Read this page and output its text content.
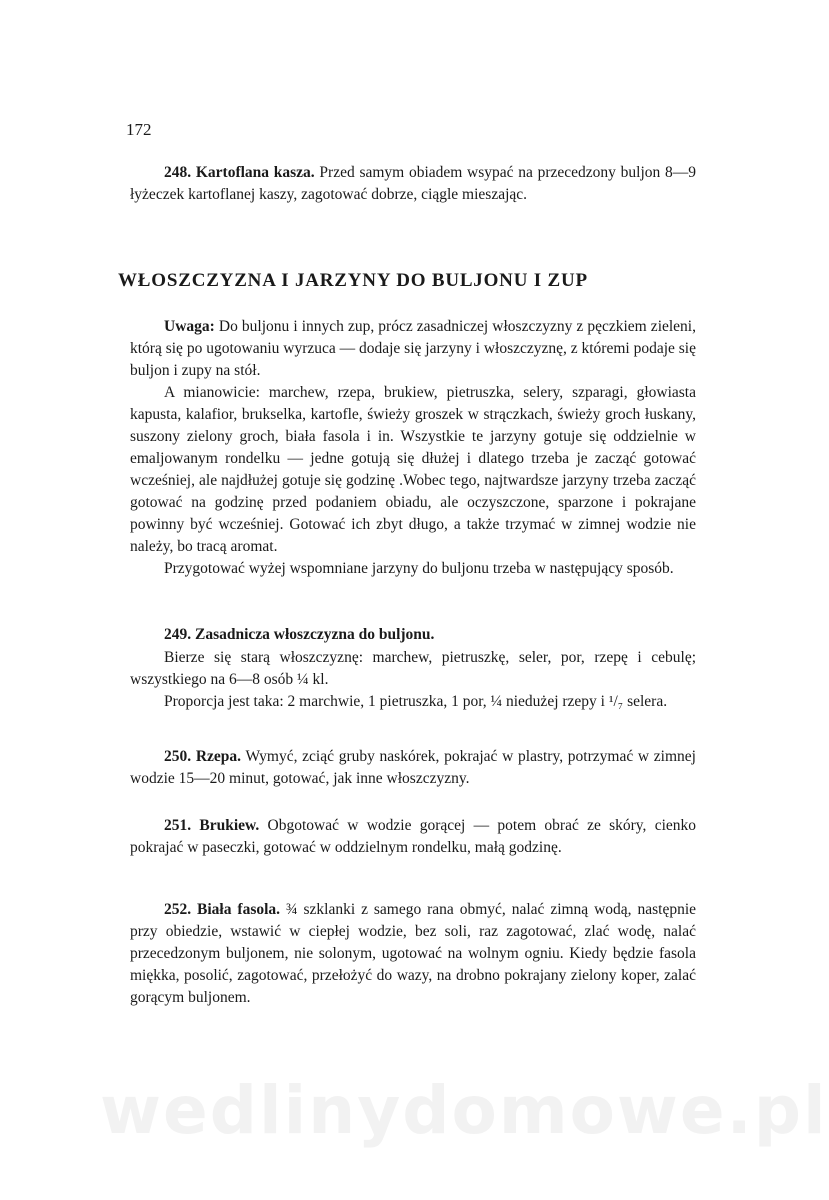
172

248. Kartoflana kasza. Przed samym obiadem wsypać na przecedzony buljon 8—9 łyżeczek kartoflanej kaszy, zagotować dobrze, ciągle mieszając.

WŁOSZCZYZNA I JARZYNY DO BULJONU I ZUP

Uwaga: Do buljonu i innych zup, prócz zasadniczej włoszczyzny z pęczkiem zieleni, którą się po ugotowaniu wyrzuca — dodaje się jarzyny i włoszczyznę, z któremi podaje się buljon i zupy na stół.

A mianowicie: marchew, rzepa, brukiew, pietruszka, selery, szparagi, głowiasta kapusta, kalafior, brukselka, kartofle, świeży groszek w strączkach, świeży groch łuskany, suszony zielony groch, biała fasola i in. Wszystkie te jarzyny gotuje się oddzielnie w emaljowanym rondelku — jedne gotują się dłużej i dlatego trzeba je zacząć gotować wcześniej, ale najdłużej gotuje się godzinę .Wobec tego, najtwardsze jarzyny trzeba zacząć gotować na godzinę przed podaniem obiadu, ale oczyszczone, sparzone i pokrajane powinny być wcześniej. Gotować ich zbyt długo, a także trzymać w zimnej wodzie nie należy, bo tracą aromat.

Przygotować wyżej wspomniane jarzyny do buljonu trzeba w następujący sposób.

249. Zasadnicza włoszczyzna do buljonu.

Bierze się starą włoszczyznę: marchew, pietruszkę, seler, por, rzepę i cebulę; wszystkiego na 6—8 osób ¼ kl.

Proporcja jest taka: 2 marchwie, 1 pietruszka, 1 por, ¼ niedużej rzepy i ¹/₇ selera.

250. Rzepa. Wymyć, zciąć gruby naskórek, pokrajać w plastry, potrzymać w zimnej wodzie 15—20 minut, gotować, jak inne włoszczyzny.

251. Brukiew. Obgotować w wodzie gorącej — potem obrać ze skóry, cienko pokrajać w paseczki, gotować w oddzielnym rondelku, małą godzinę.

252. Biała fasola. ¾ szklanki z samego rana obmyć, nalać zimną wodą, następnie przy obiedzie, wstawić w ciepłej wodzie, bez soli, raz zagotować, zlać wodę, nalać przecedzonym buljonem, nie solonym, ugotować na wolnym ogniu. Kiedy będzie fasola miękka, posolić, zagotować, przełożyć do wazy, na drobno pokrajany zielony koper, zalać gorącym buljonem.

wedlinydomowe.pl
